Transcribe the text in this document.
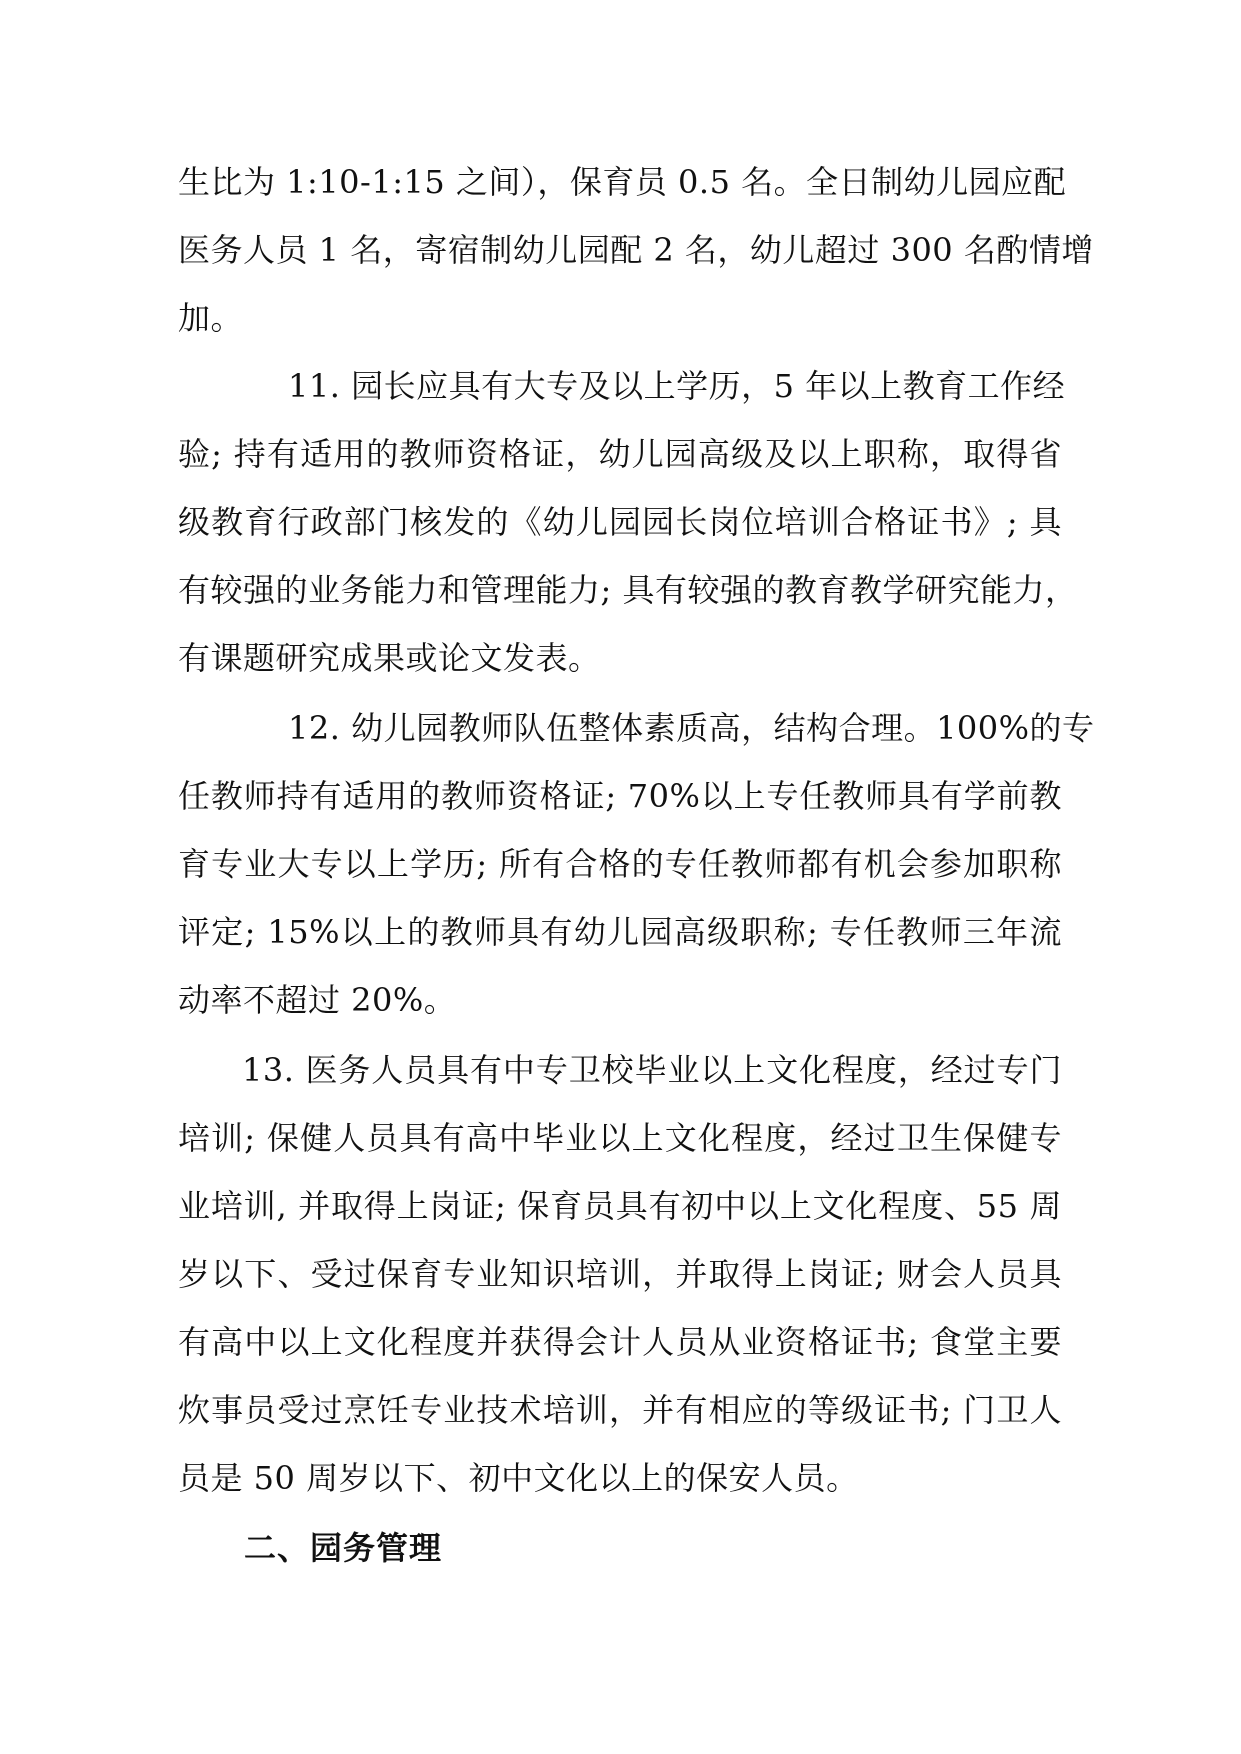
生比为 1:10-1:15 之间），保育员 0.5 名。全日制幼儿园应配
医务人员 1 名，寄宿制幼儿园配 2 名，幼儿超过 300 名酌情增
加。
11. 园长应具有大专及以上学历，5 年以上教育工作经
验; 持有适用的教师资格证，幼儿园高级及以上职称，取得省
级教育行政部门核发的《幼儿园园长岗位培训合格证书》; 具
有较强的业务能力和管理能力; 具有较强的教育教学研究能力，
有课题研究成果或论文发表。
12. 幼儿园教师队伍整体素质高，结构合理。100%的专
任教师持有适用的教师资格证; 70%以上专任教师具有学前教
育专业大专以上学历; 所有合格的专任教师都有机会参加职称
评定; 15%以上的教师具有幼儿园高级职称; 专任教师三年流
动率不超过 20%。
13. 医务人员具有中专卫校毕业以上文化程度，经过专门
培训; 保健人员具有高中毕业以上文化程度，经过卫生保健专
业培训, 并取得上岗证; 保育员具有初中以上文化程度、55 周
岁以下、受过保育专业知识培训，并取得上岗证; 财会人员具
有高中以上文化程度并获得会计人员从业资格证书; 食堂主要
炊事员受过烹饪专业技术培训，并有相应的等级证书; 门卫人
员是 50 周岁以下、初中文化以上的保安人员。
二、园务管理
